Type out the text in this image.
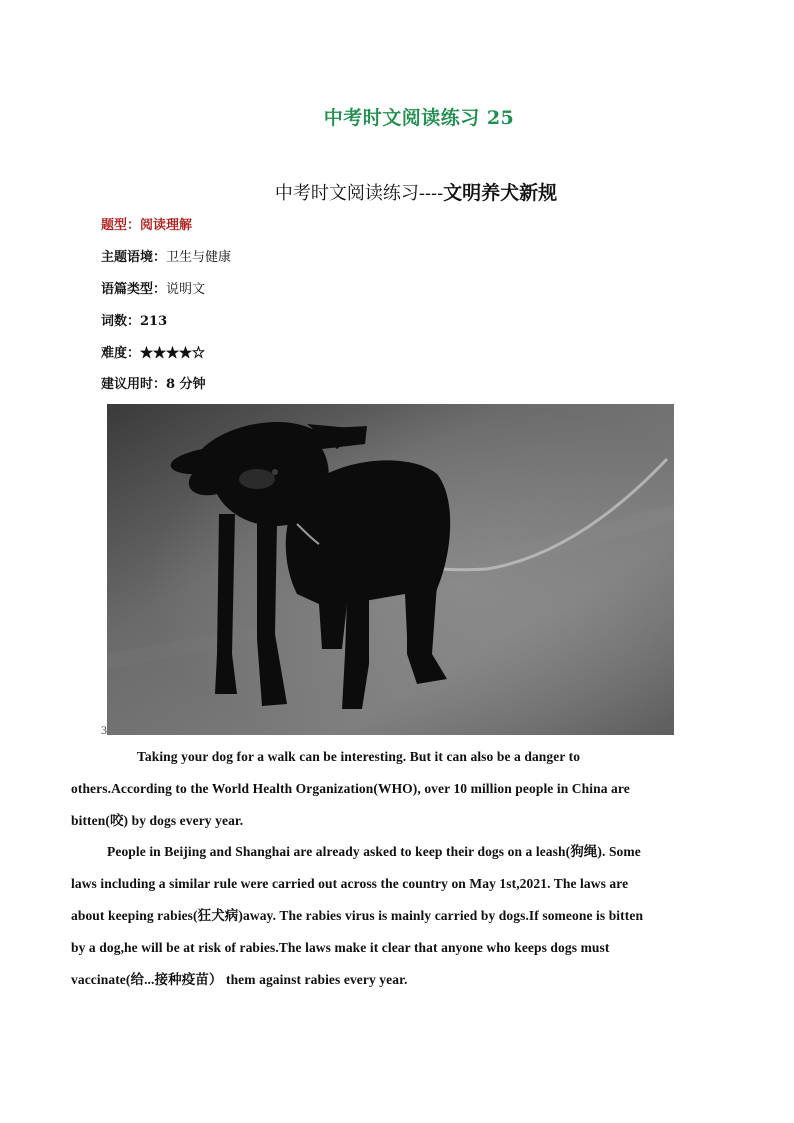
中考时文阅读练习 25
中考时文阅读练习----文明养犬新规
题型：阅读理解
主题语境：卫生与健康
语篇类型：说明文
词数：213
难度：★★★★☆
建议用时：8 分钟
3
Taking your dog for a walk can be interesting. But it can also be a danger to
others.According to the World Health Organization(WHO), over 10 million people in China are
bitten(咬) by dogs every year.
People in Beijing and Shanghai are already asked to keep their dogs on a leash(狗绳). Some
laws including a similar rule were carried out across the country on May 1st,2021. The laws are
about keeping rabies(狂犬病)away. The rabies virus is mainly carried by dogs.If someone is bitten
by a dog,he will be at risk of rabies.The laws make it clear that anyone who keeps dogs must
vaccinate(给...接种疫苗） them against rabies every year.
